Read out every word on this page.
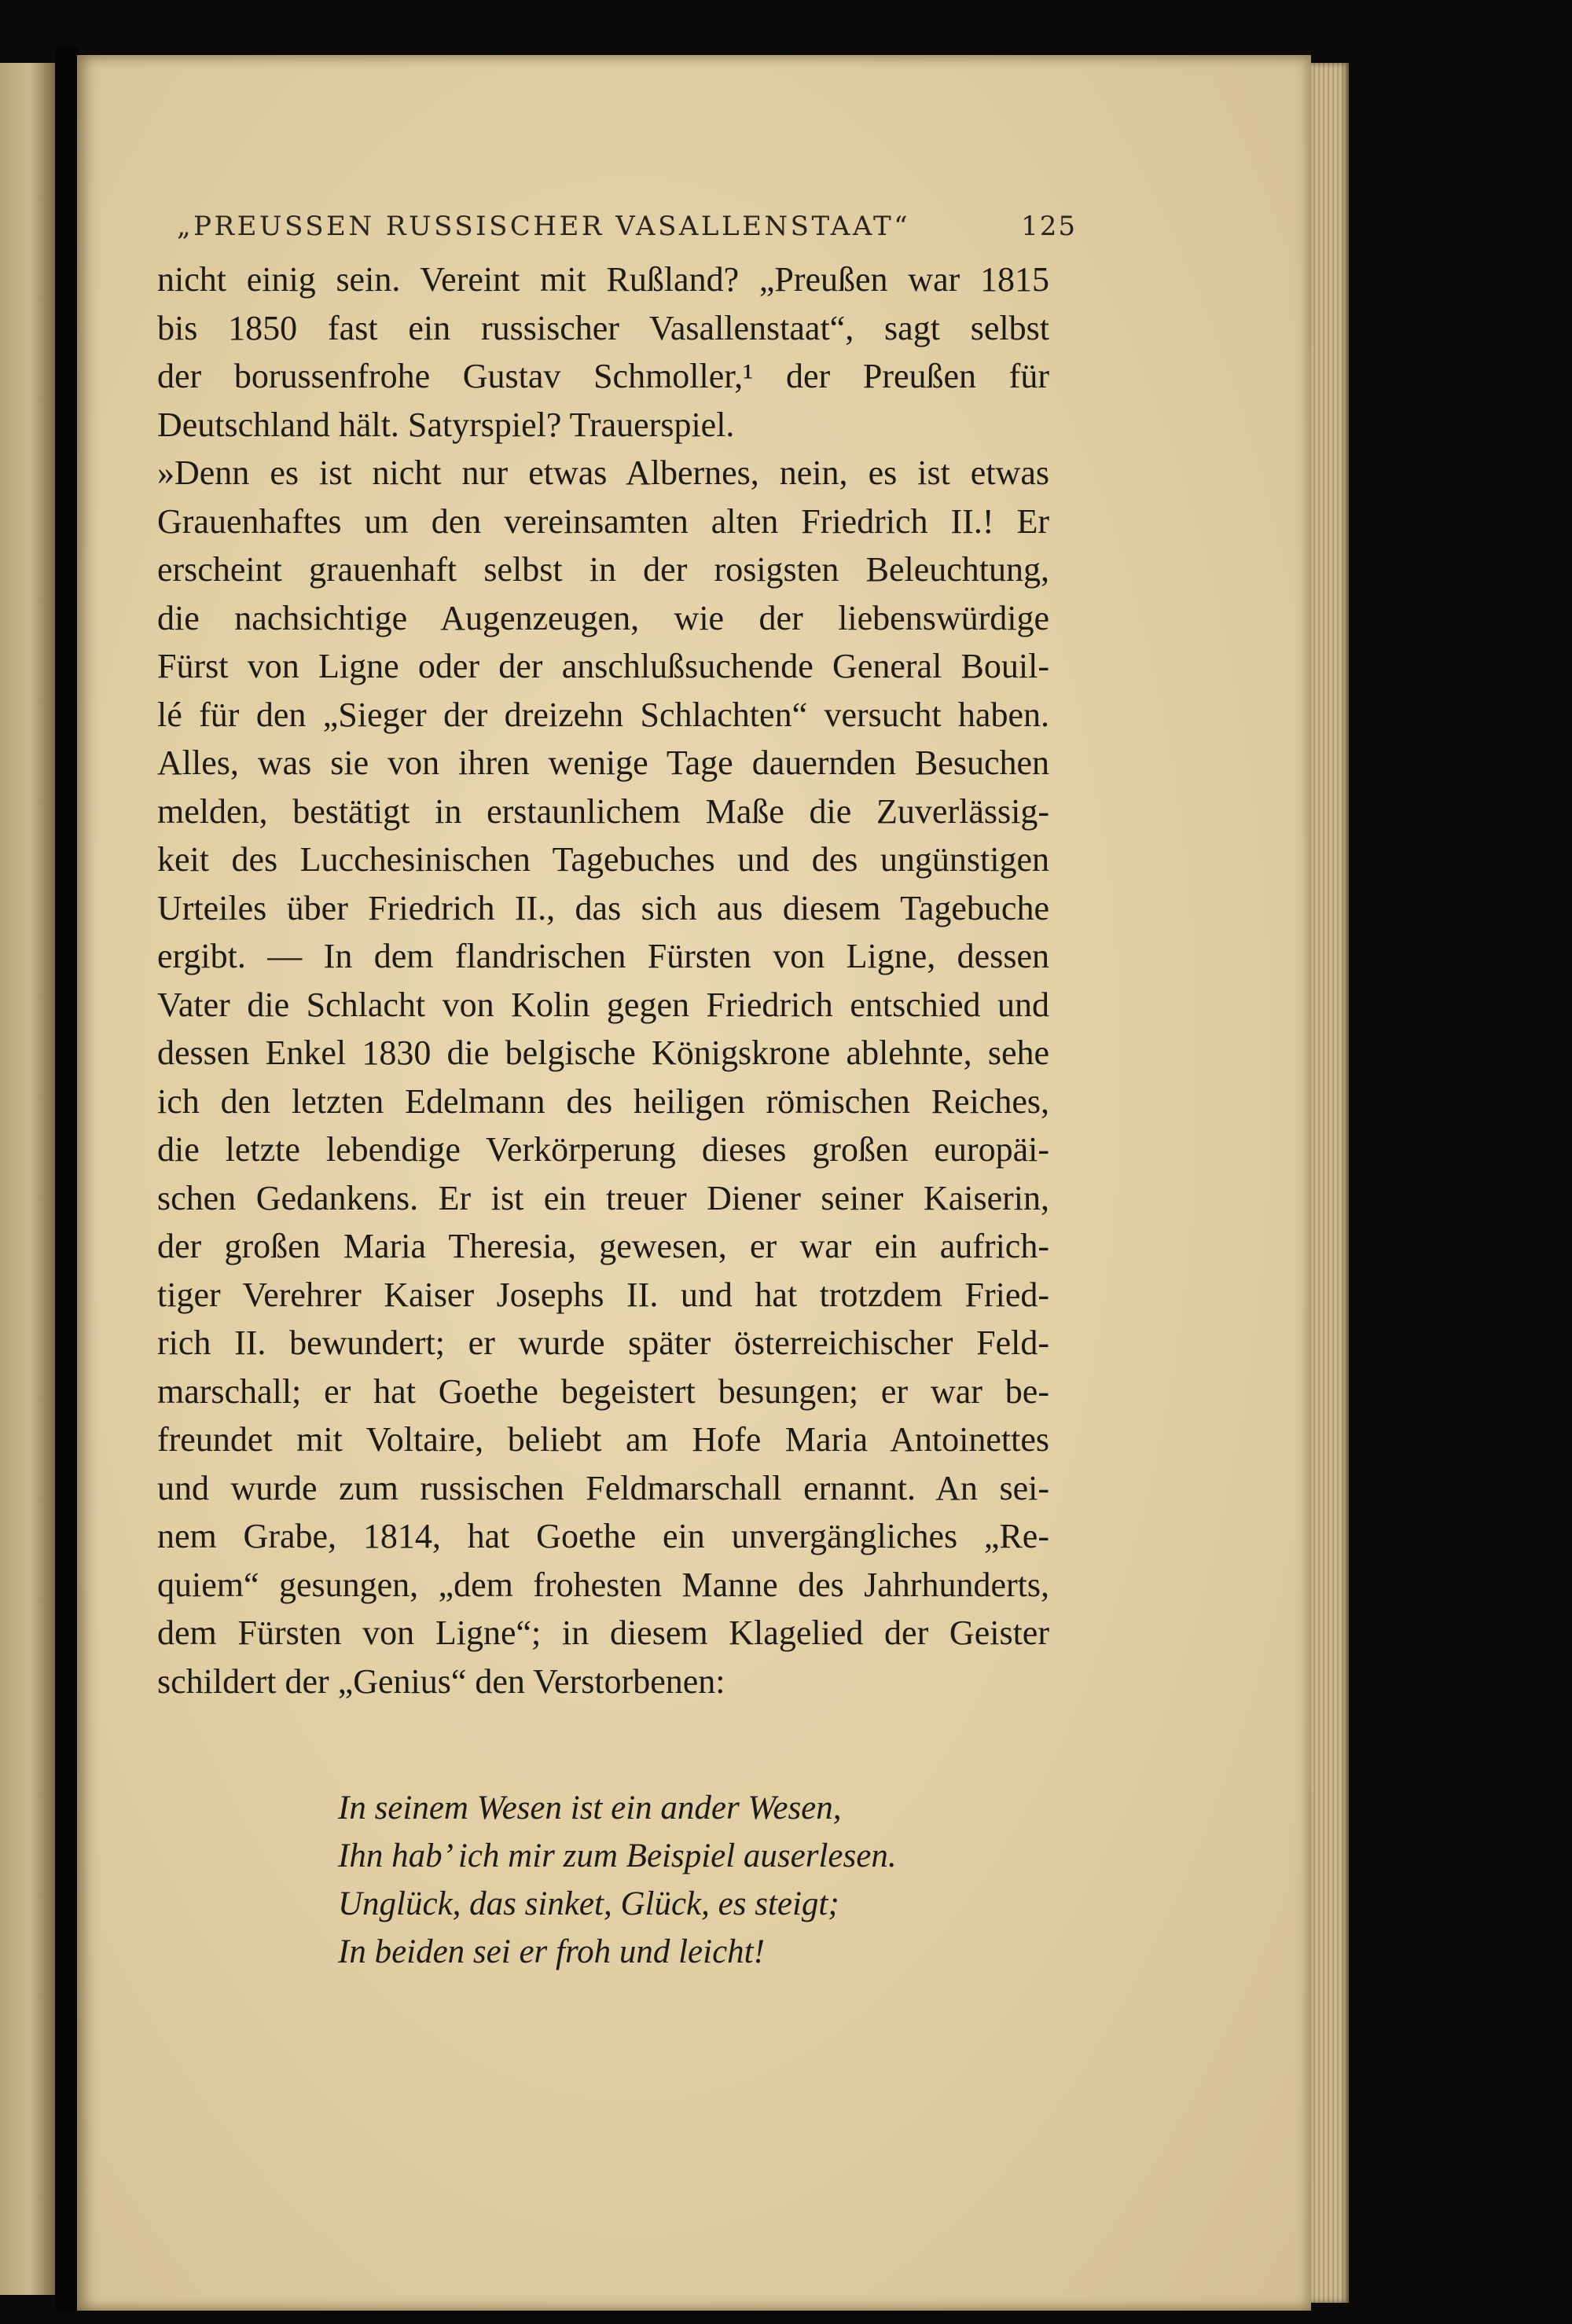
„PREUSSEN RUSSISCHER VASALLENSTAAT“	125
nicht einig sein. Vereint mit Rußland? „Preußen war 1815
bis 1850 fast ein russischer Vasallenstaat“, sagt selbst
der borussenfrohe Gustav Schmoller,¹ der Preußen für
Deutschland hält. Satyrspiel? Trauerspiel.
»Denn es ist nicht nur etwas Albernes, nein, es ist etwas
Grauenhaftes um den vereinsamten alten Friedrich II.! Er
erscheint grauenhaft selbst in der rosigsten Beleuchtung,
die nachsichtige Augenzeugen, wie der liebenswürdige
Fürst von Ligne oder der anschlußsuchende General Bouil-
lé für den „Sieger der dreizehn Schlachten“ versucht haben.
Alles, was sie von ihren wenige Tage dauernden Besuchen
melden, bestätigt in erstaunlichem Maße die Zuverlässig-
keit des Lucchesinischen Tagebuches und des ungünstigen
Urteiles über Friedrich II., das sich aus diesem Tagebuche
ergibt. — In dem flandrischen Fürsten von Ligne, dessen
Vater die Schlacht von Kolin gegen Friedrich entschied und
dessen Enkel 1830 die belgische Königskrone ablehnte, sehe
ich den letzten Edelmann des heiligen römischen Reiches,
die letzte lebendige Verkörperung dieses großen europäi-
schen Gedankens. Er ist ein treuer Diener seiner Kaiserin,
der großen Maria Theresia, gewesen, er war ein aufrich-
tiger Verehrer Kaiser Josephs II. und hat trotzdem Fried-
rich II. bewundert; er wurde später österreichischer Feld-
marschall; er hat Goethe begeistert besungen; er war be-
freundet mit Voltaire, beliebt am Hofe Maria Antoinettes
und wurde zum russischen Feldmarschall ernannt. An sei-
nem Grabe, 1814, hat Goethe ein unvergängliches „Re-
quiem“ gesungen, „dem frohesten Manne des Jahrhunderts,
dem Fürsten von Ligne“; in diesem Klagelied der Geister
schildert der „Genius“ den Verstorbenen:
In seinem Wesen ist ein ander Wesen,
Ihn hab’ ich mir zum Beispiel auserlesen.
Unglück, das sinket, Glück, es steigt;
In beiden sei er froh und leicht!
